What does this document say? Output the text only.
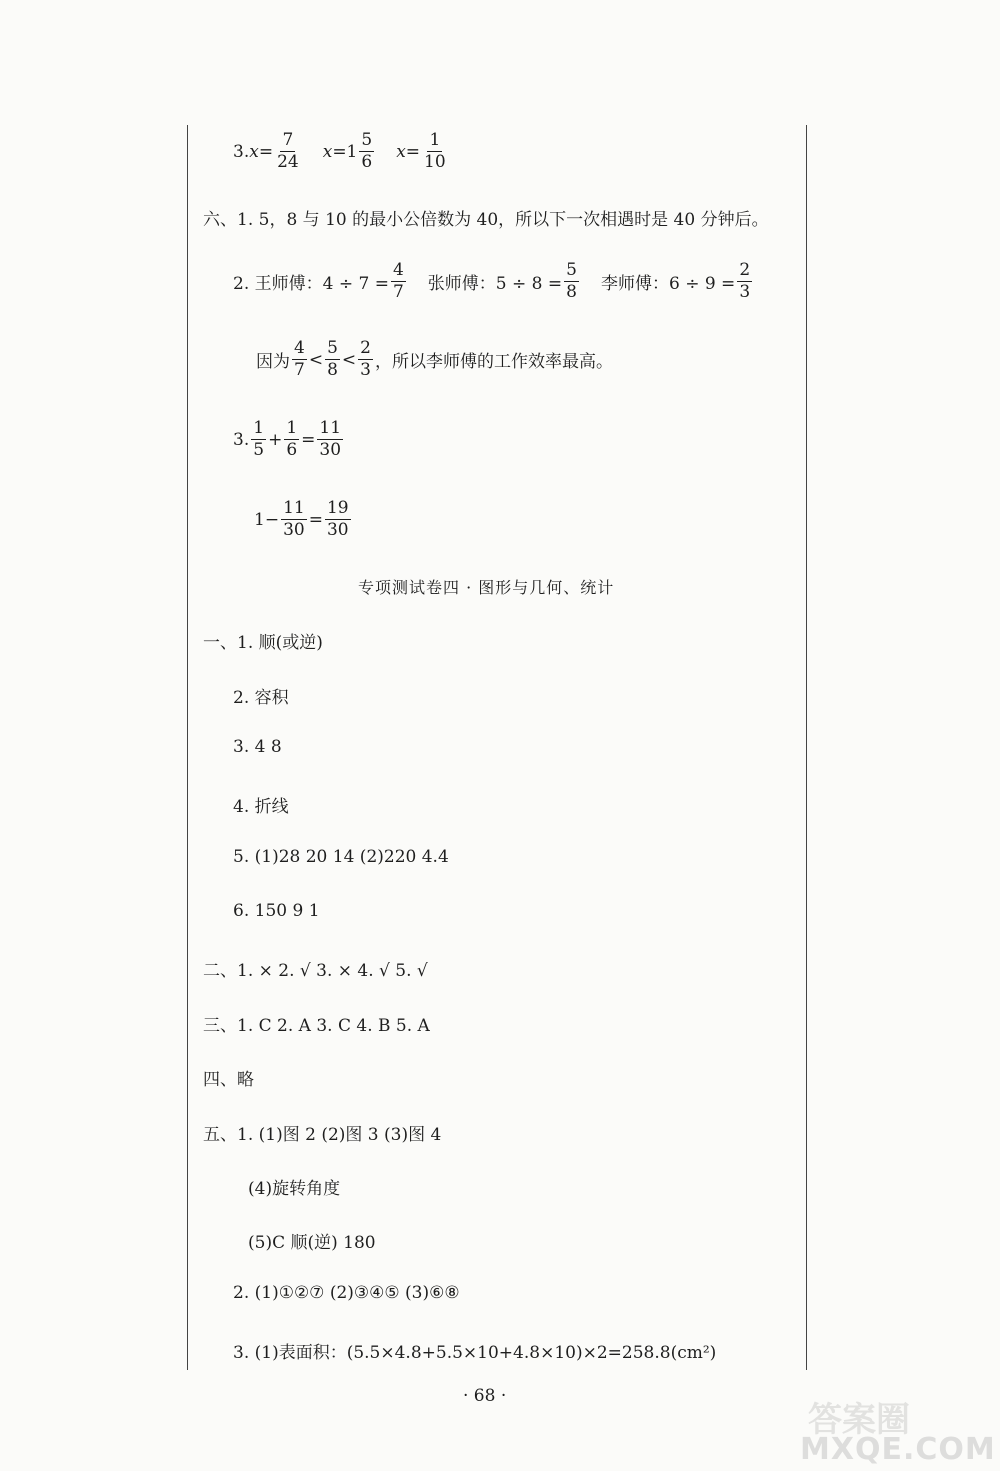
3. $x = \frac{7}{24}$ $x =1 \frac{5}{6}$ $x = \frac{1}{10}$
六、1. 5，8 与 10 的最小公倍数为 40，所以下一次相遇时是 40 分钟后。
2. 王师傅：$4 \div 7 = \frac{4}{7}$ 张师傅：$5 \div 8 = \frac{5}{8}$ 李师傅：$6 \div 9 = \frac{2}{3}$
因为 $\frac{4}{7} < \frac{5}{8} < \frac{2}{3}$ ，所以李师傅的工作效率最高。
3. $\frac{1}{5} + \frac{1}{6} = \frac{11}{30}$
$1- \frac{11}{30} = \frac{19}{30}$
专项测试卷四 · 图形与几何、统计
一、1. 顺(或逆)
2. 容积
3. 4 8
4. 折线
5. (1)28 20 14 (2)220 4.4
6. 150 9 1
二、1. × 2. √ 3. × 4. √ 5. √
三、1. C 2. A 3. C 4. B 5. A
四、略
五、1. (1)图 2 (2)图 3 (3)图 4
(4)旋转角度
(5)C 顺(逆) 180
2. (1)①②⑦ (2)③④⑤ (3)⑥⑧
3. (1)表面积：(5.5×4.8+5.5×10+4.8×10)×2=258.8(cm²)
· 68 ·
答案圈
MXQE.COM
